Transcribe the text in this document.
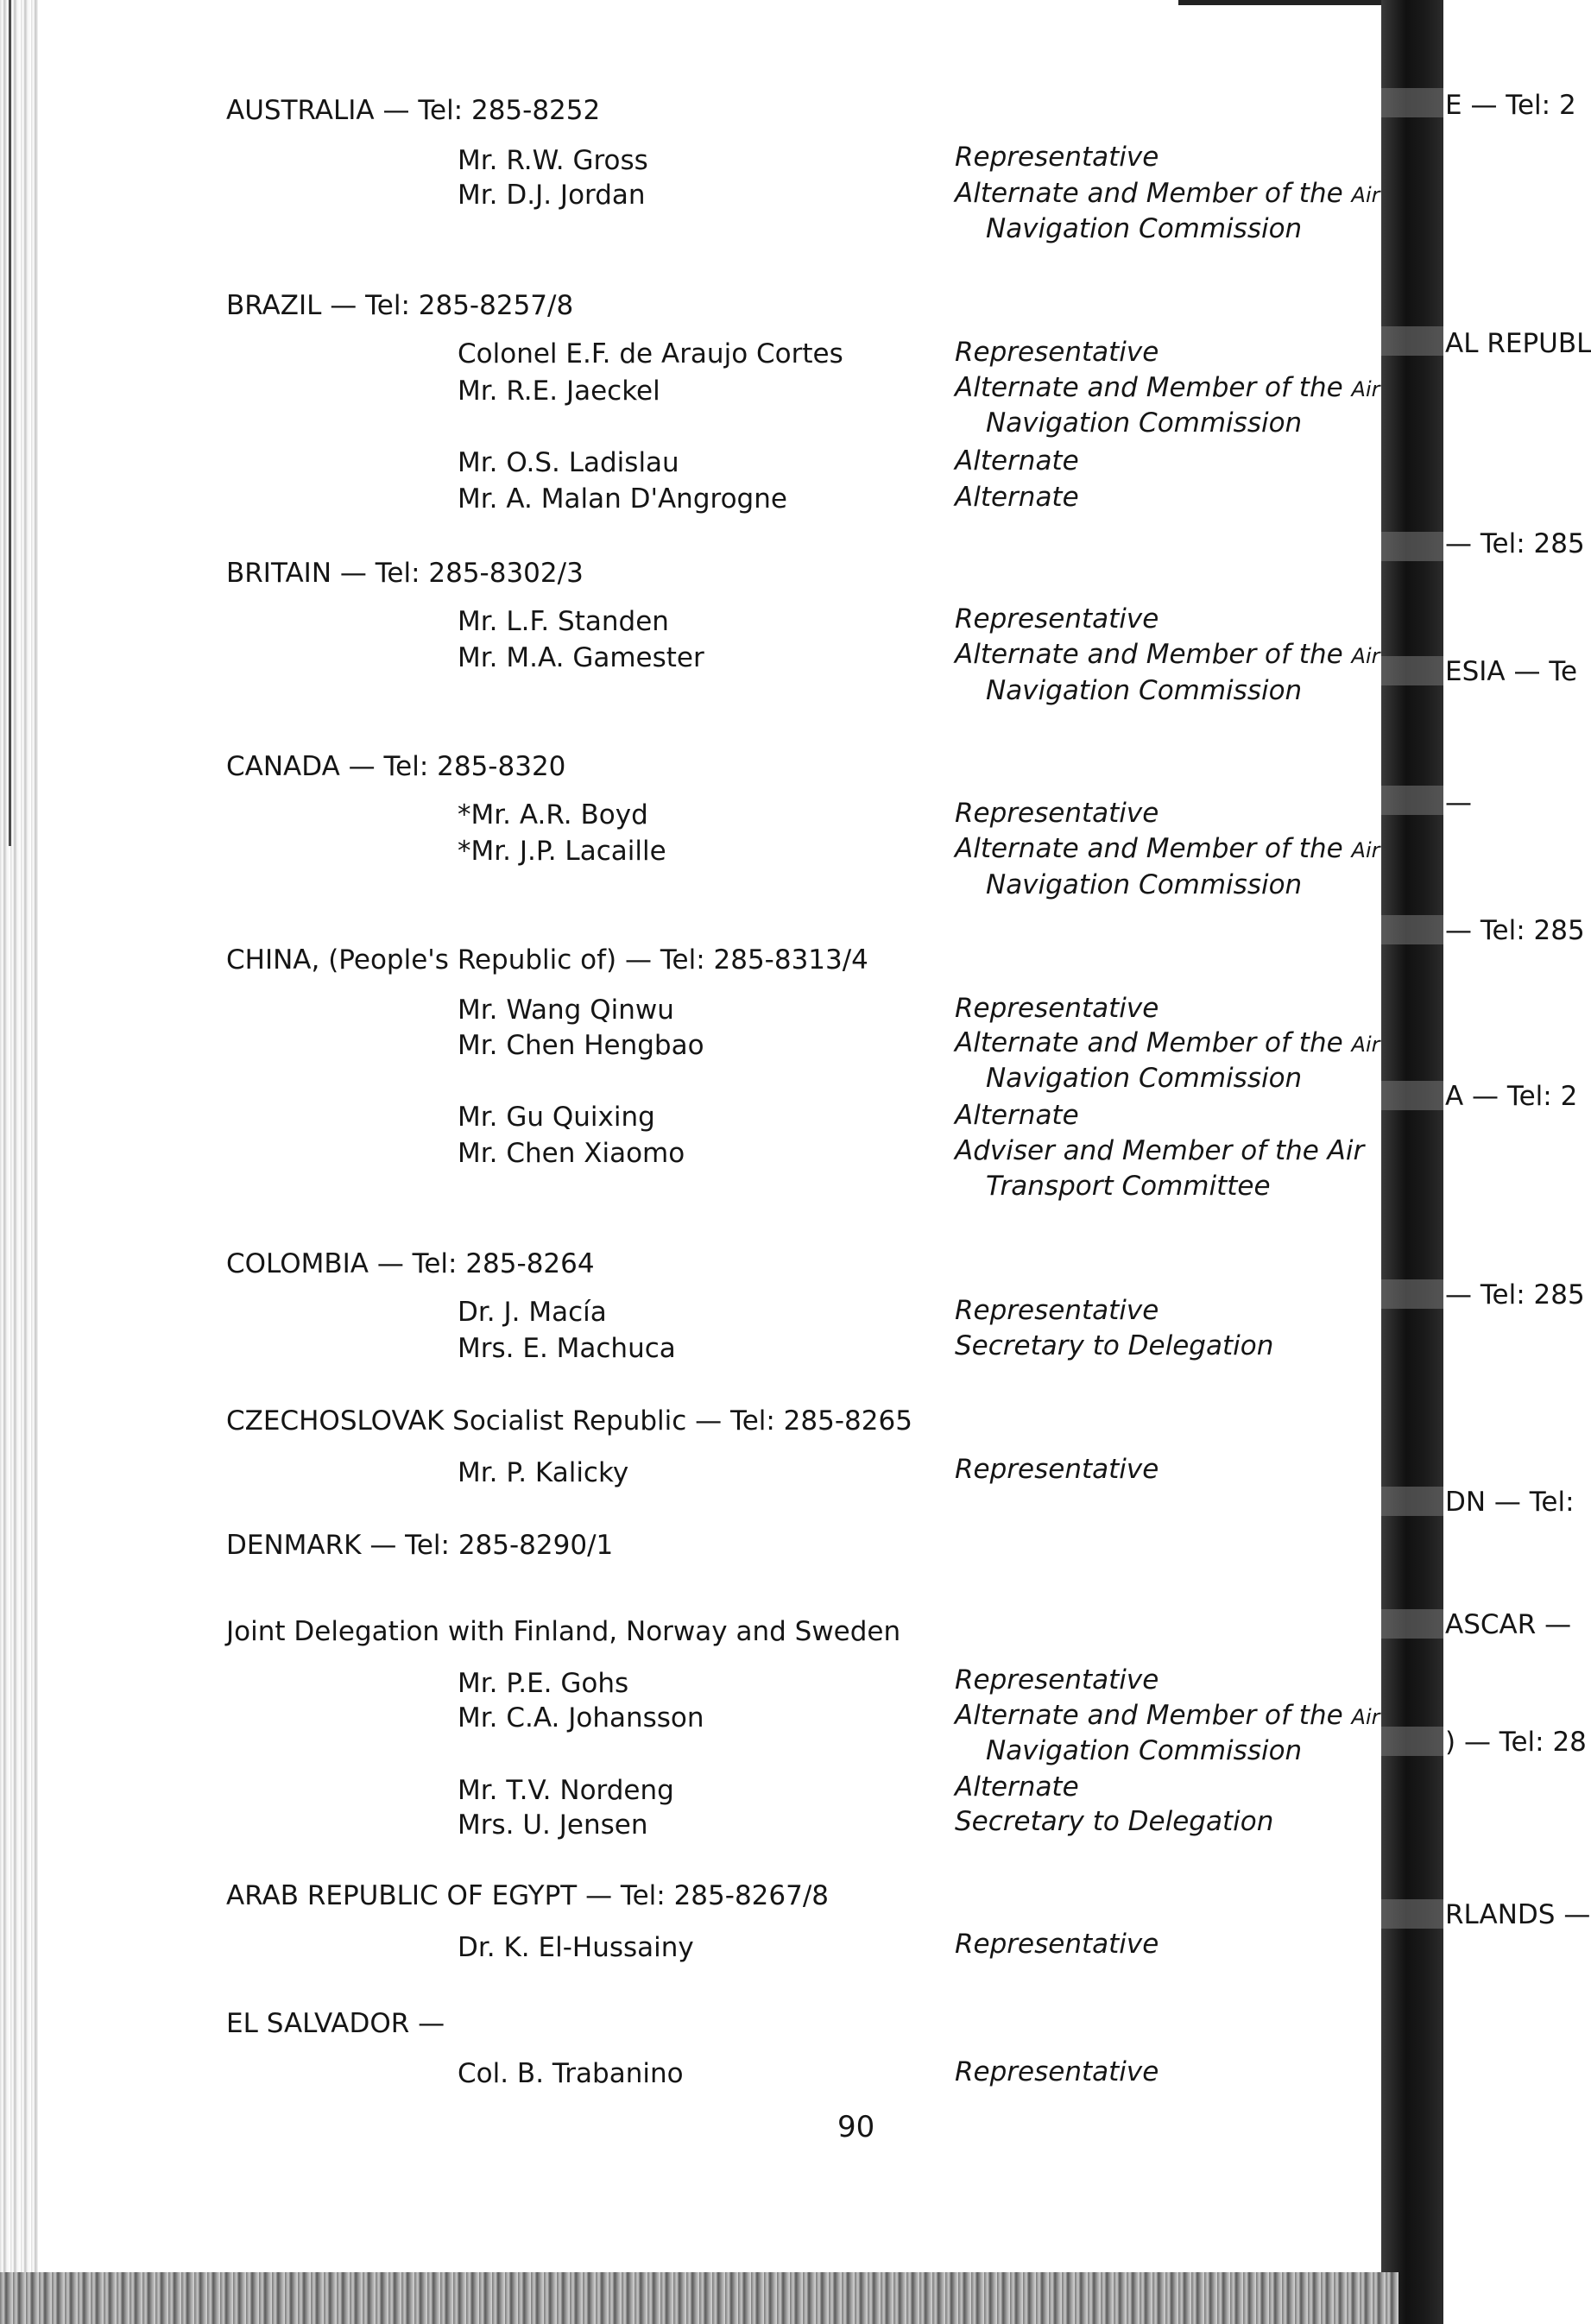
AUSTRALIA — Tel: 285-8252
Mr. R.W. Gross	Representative
Mr. D.J. Jordan	Alternate and Member of the Air
Navigation Commission
BRAZIL — Tel: 285-8257/8
Colonel E.F. de Araujo Cortes	Representative
Mr. R.E. Jaeckel	Alternate and Member of the Air
Navigation Commission
Mr. O.S. Ladislau	Alternate
Mr. A. Malan D'Angrogne	Alternate
BRITAIN — Tel: 285-8302/3
Mr. L.F. Standen	Representative
Mr. M.A. Gamester	Alternate and Member of the Air
Navigation Commission
CANADA — Tel: 285-8320
*Mr. A.R. Boyd	Representative
*Mr. J.P. Lacaille	Alternate and Member of the Air
Navigation Commission
CHINA, (People's Republic of) — Tel: 285-8313/4
Mr. Wang Qinwu	Representative
Mr. Chen Hengbao	Alternate and Member of the Air
Navigation Commission
Mr. Gu Quixing	Alternate
Mr. Chen Xiaomo	Adviser and Member of the Air
Transport Committee
COLOMBIA — Tel: 285-8264
Dr. J. Macía	Representative
Mrs. E. Machuca	Secretary to Delegation
CZECHOSLOVAK Socialist Republic — Tel: 285-8265
Mr. P. Kalicky	Representative
DENMARK — Tel: 285-8290/1
Joint Delegation with Finland, Norway and Sweden
Mr. P.E. Gohs	Representative
Mr. C.A. Johansson	Alternate and Member of the Air
Navigation Commission
Mr. T.V. Nordeng	Alternate
Mrs. U. Jensen	Secretary to Delegation
ARAB REPUBLIC OF EGYPT — Tel: 285-8267/8
Dr. K. El-Hussainy	Representative
EL SALVADOR —
Col. B. Trabanino	Representative
90
E — Tel: 2
AL REPUBL
— Tel: 285
ESIA — Te
—
— Tel: 285
A — Tel: 2
— Tel: 285
DN — Tel:
ASCAR —
) — Tel: 28
RLANDS —
